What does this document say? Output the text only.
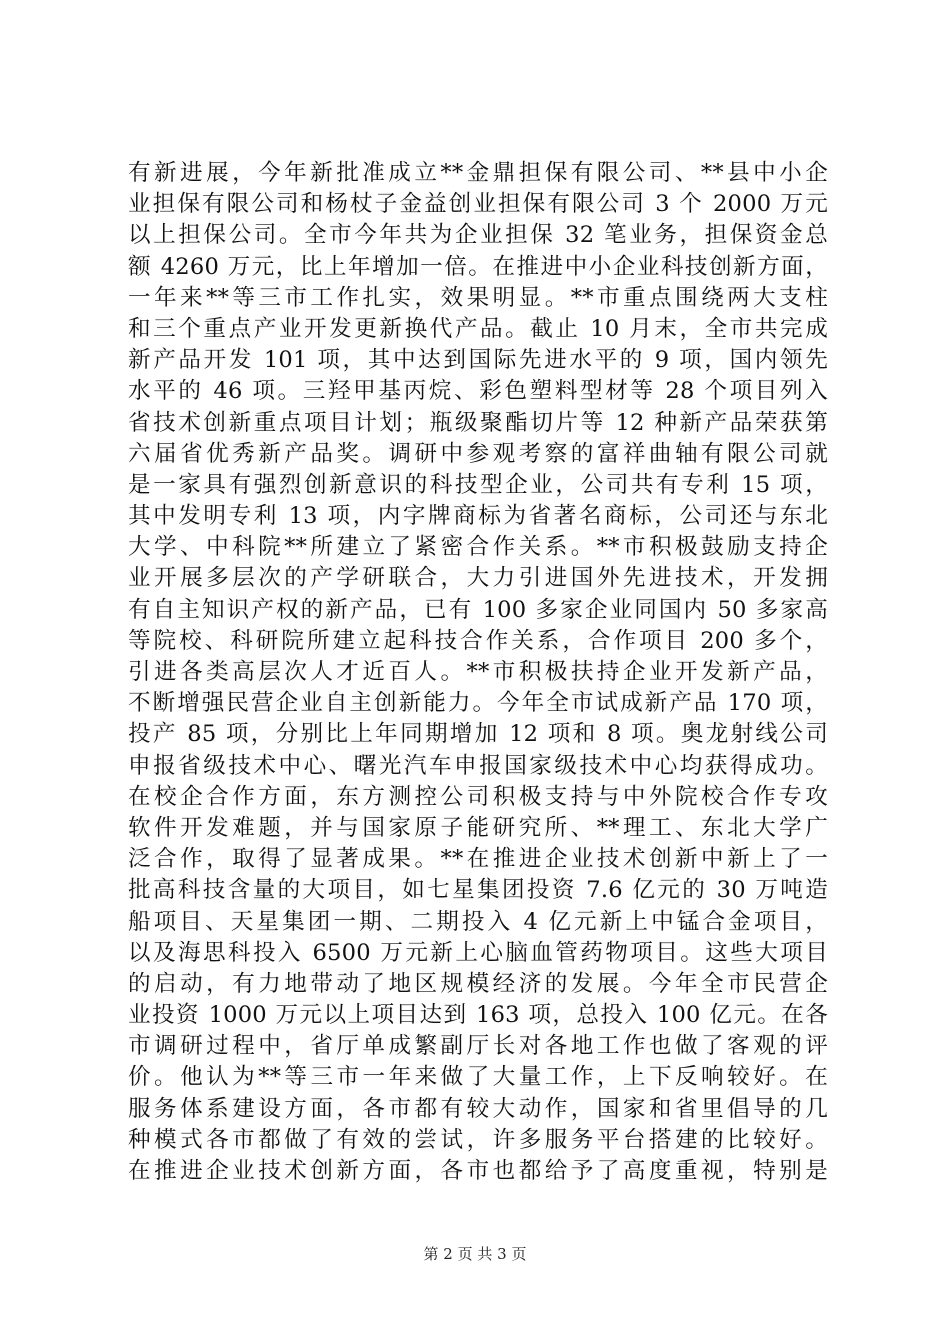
有新进展，今年新批准成立**金鼎担保有限公司、**县中小企
业担保有限公司和杨杖子金益创业担保有限公司 3 个 2000 万元
以上担保公司。全市今年共为企业担保 32 笔业务，担保资金总
额 4260 万元，比上年增加一倍。在推进中小企业科技创新方面，
一年来**等三市工作扎实，效果明显。**市重点围绕两大支柱
和三个重点产业开发更新换代产品。截止 10 月末，全市共完成
新产品开发 101 项，其中达到国际先进水平的 9 项，国内领先
水平的 46 项。三羟甲基丙烷、彩色塑料型材等 28 个项目列入
省技术创新重点项目计划；瓶级聚酯切片等 12 种新产品荣获第
六届省优秀新产品奖。调研中参观考察的富祥曲轴有限公司就
是一家具有强烈创新意识的科技型企业，公司共有专利 15 项，
其中发明专利 13 项，内字牌商标为省著名商标，公司还与东北
大学、中科院**所建立了紧密合作关系。**市积极鼓励支持企
业开展多层次的产学研联合，大力引进国外先进技术，开发拥
有自主知识产权的新产品，已有 100 多家企业同国内 50 多家高
等院校、科研院所建立起科技合作关系，合作项目 200 多个，
引进各类高层次人才近百人。**市积极扶持企业开发新产品，
不断增强民营企业自主创新能力。今年全市试成新产品 170 项，
投产 85 项，分别比上年同期增加 12 项和 8 项。奥龙射线公司
申报省级技术中心、曙光汽车申报国家级技术中心均获得成功。
在校企合作方面，东方测控公司积极支持与中外院校合作专攻
软件开发难题，并与国家原子能研究所、**理工、东北大学广
泛合作，取得了显著成果。**在推进企业技术创新中新上了一
批高科技含量的大项目，如七星集团投资 7.6 亿元的 30 万吨造
船项目、天星集团一期、二期投入 4 亿元新上中锰合金项目，
以及海思科投入 6500 万元新上心脑血管药物项目。这些大项目
的启动，有力地带动了地区规模经济的发展。今年全市民营企
业投资 1000 万元以上项目达到 163 项，总投入 100 亿元。在各
市调研过程中，省厅单成繁副厅长对各地工作也做了客观的评
价。他认为**等三市一年来做了大量工作，上下反响较好。在
服务体系建设方面，各市都有较大动作，国家和省里倡导的几
种模式各市都做了有效的尝试，许多服务平台搭建的比较好。
在推进企业技术创新方面，各市也都给予了高度重视，特别是
第 2 页 共 3 页
